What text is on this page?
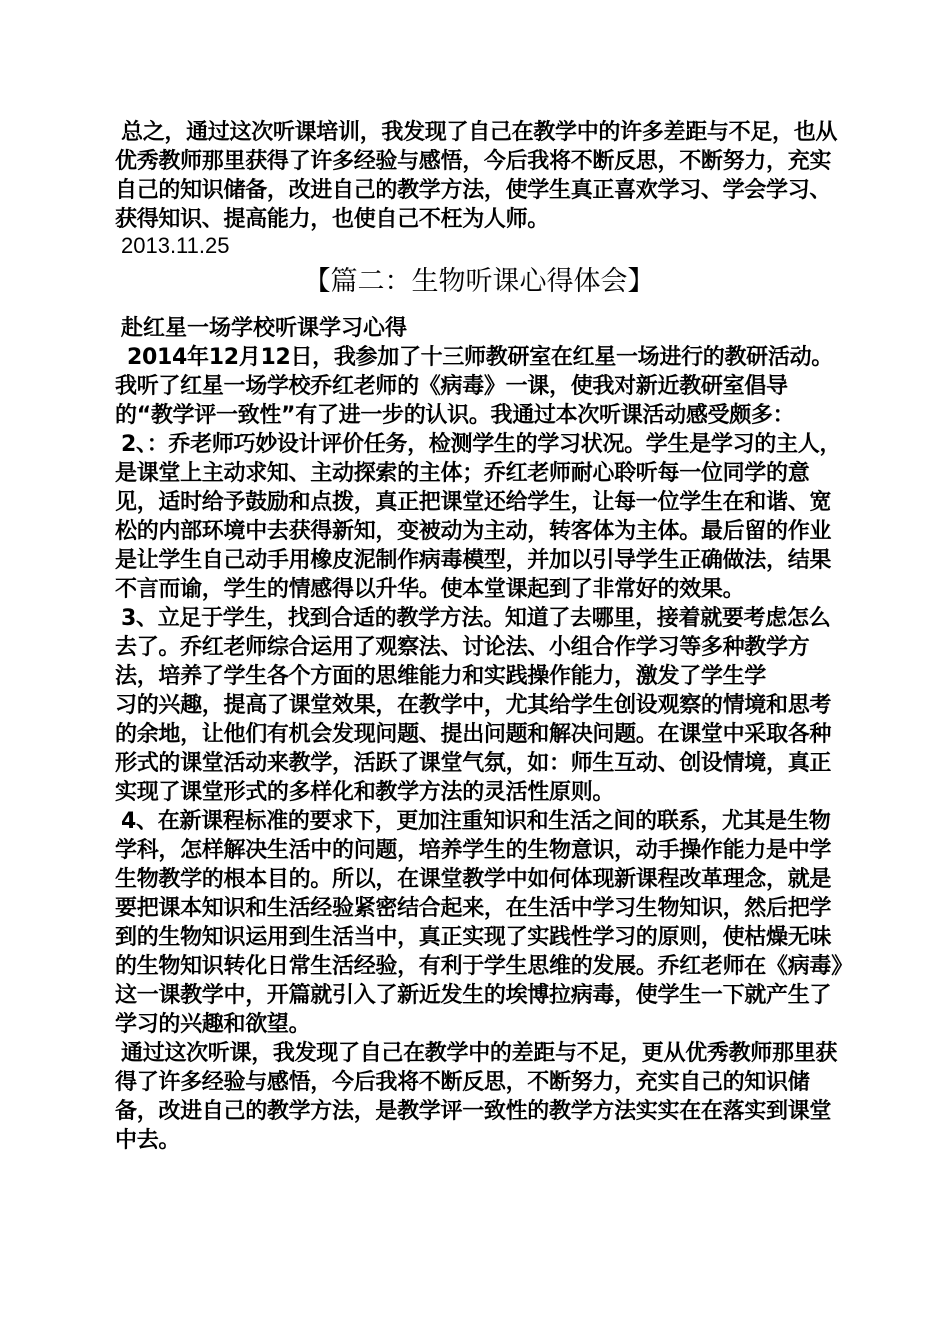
总之，通过这次听课培训，我发现了自己在教学中的许多差距与不足，也从优秀教师那里获得了许多经验与感悟，今后我将不断反思，不断努力，充实自己的知识储备，改进自己的教学方法，使学生真正喜欢学习、学会学习、获得知识、提高能力，也使自己不枉为人师。

2013.11.25

【篇二：生物听课心得体会】

赴红星一场学校听课学习心得

2014年12月12日，我参加了十三师教研室在红星一场进行的教研活动。我听了红星一场学校乔红老师的《病毒》一课，使我对新近教研室倡导的“教学评一致性”有了进一步的认识。我通过本次听课活动感受颇多：

2、：乔老师巧妙设计评价任务，检测学生的学习状况。学生是学习的主人，是课堂上主动求知、主动探索的主体；乔红老师耐心聆听每一位同学的意见，适时给予鼓励和点拨，真正把课堂还给学生，让每一位学生在和谐、宽松的内部环境中去获得新知，变被动为主动，转客体为主体。最后留的作业是让学生自己动手用橡皮泥制作病毒模型，并加以引导学生正确做法，结果不言而谕，学生的情感得以升华。使本堂课起到了非常好的效果。

3、立足于学生，找到合适的教学方法。知道了去哪里，接着就要考虑怎么去了。乔红老师综合运用了观察法、讨论法、小组合作学习等多种教学方法，培养了学生各个方面的思维能力和实践操作能力，激发了学生学

习的兴趣，提高了课堂效果，在教学中，尤其给学生创设观察的情境和思考的余地，让他们有机会发现问题、提出问题和解决问题。在课堂中采取各种形式的课堂活动来教学，活跃了课堂气氛，如：师生互动、创设情境，真正实现了课堂形式的多样化和教学方法的灵活性原则。

4、在新课程标准的要求下，更加注重知识和生活之间的联系，尤其是生物学科，怎样解决生活中的问题，培养学生的生物意识，动手操作能力是中学生物教学的根本目的。所以，在课堂教学中如何体现新课程改革理念，就是要把课本知识和生活经验紧密结合起来，在生活中学习生物知识，然后把学到的生物知识运用到生活当中，真正实现了实践性学习的原则，使枯燥无味的生物知识转化日常生活经验，有利于学生思维的发展。乔红老师在《病毒》这一课教学中，开篇就引入了新近发生的埃博拉病毒，使学生一下就产生了学习的兴趣和欲望。

通过这次听课，我发现了自己在教学中的差距与不足，更从优秀教师那里获得了许多经验与感悟，今后我将不断反思，不断努力，充实自己的知识储备，改进自己的教学方法，是教学评一致性的教学方法实实在在落实到课堂中去。
